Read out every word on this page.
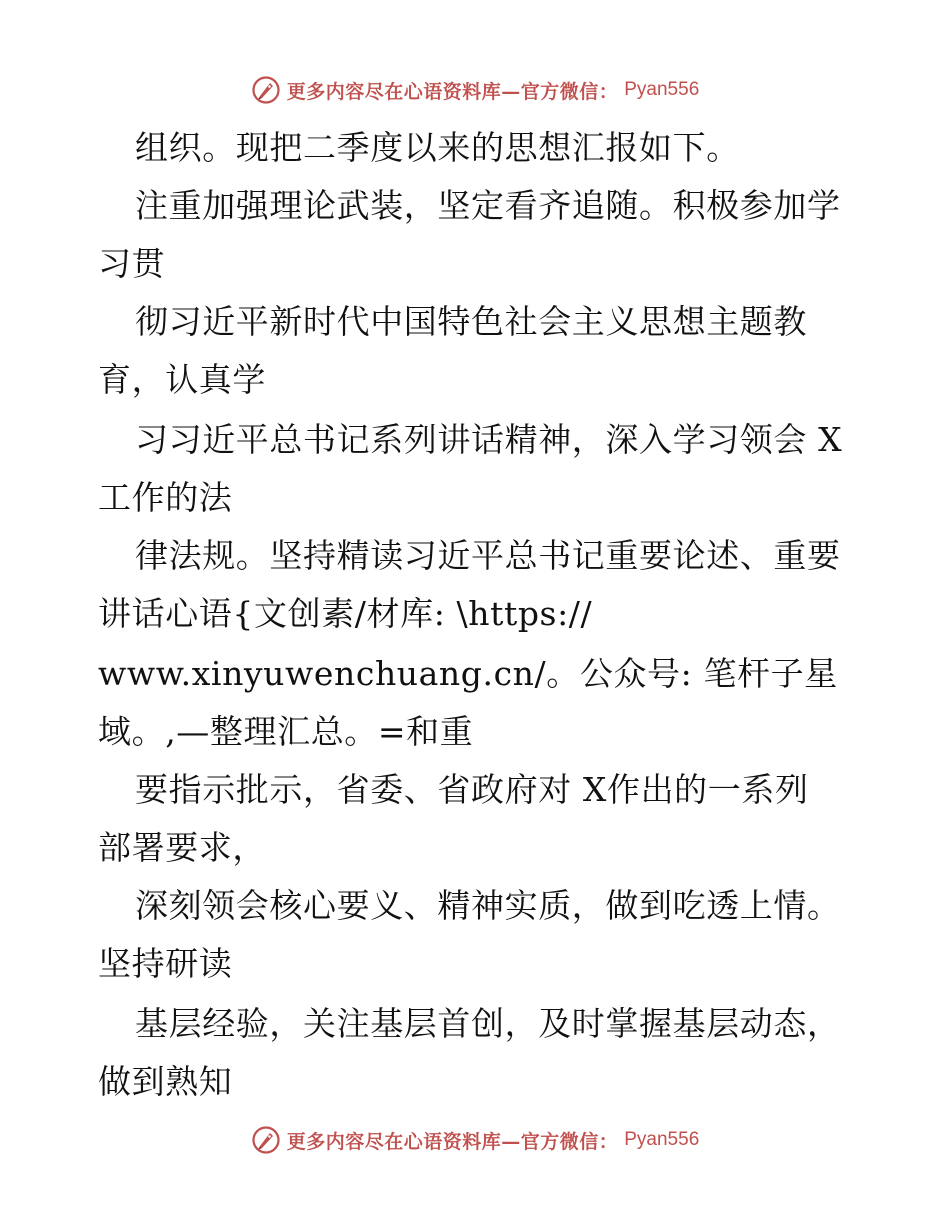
更多内容尽在心语资料库—官方微信： Pyan556
组织。现把二季度以来的思想汇报如下。
注重加强理论武装，坚定看齐追随。积极参加学
习贯
彻习近平新时代中国特色社会主义思想主题教
育，认真学
习习近平总书记系列讲话精神，深入学习领会 X
工作的法
律法规。坚持精读习近平总书记重要论述、重要
讲话心语{文创素/材库: \https://
www.xinyuwenchuang.cn/。公众号: 笔杆子星
域。,—整理汇总。=和重
要指示批示，省委、省政府对 X作出的一系列
部署要求，
深刻领会核心要义、精神实质，做到吃透上情。
坚持研读
基层经验，关注基层首创，及时掌握基层动态，
做到熟知
更多内容尽在心语资料库—官方微信： Pyan556
